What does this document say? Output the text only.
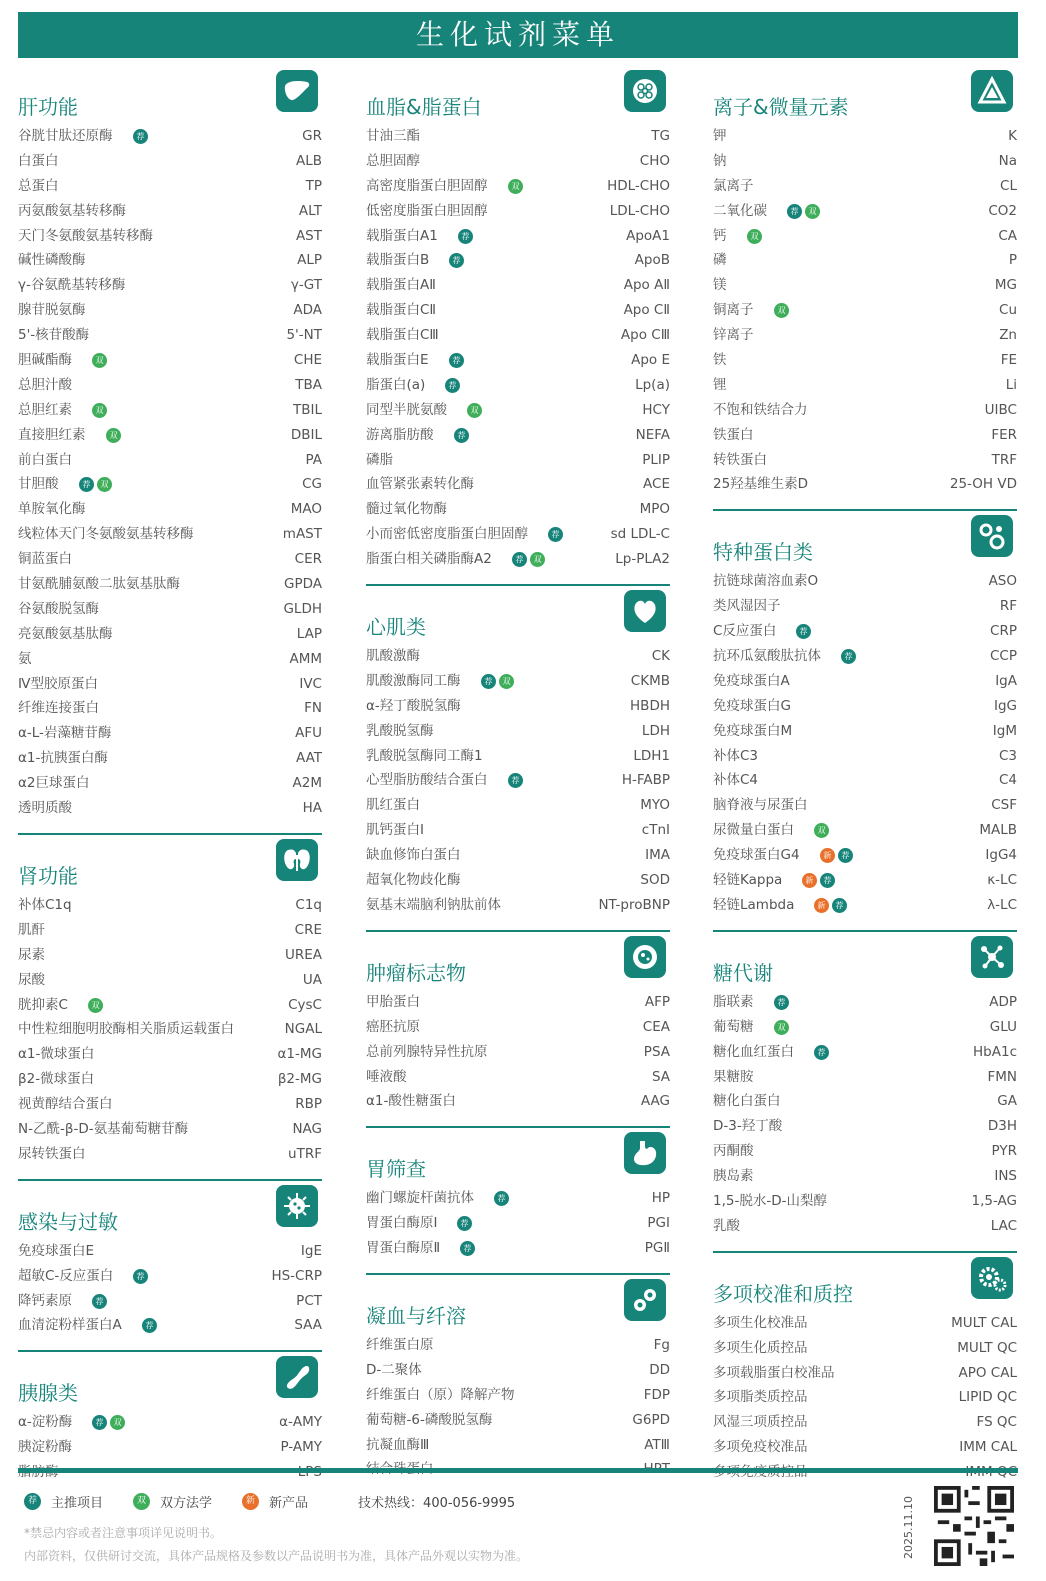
生化试剂菜单
肝功能
谷胱甘肽还原酶	荐	GR
白蛋白	ALB
总蛋白	TP
丙氨酸氨基转移酶	ALT
天门冬氨酸氨基转移酶	AST
碱性磷酸酶	ALP
γ-谷氨酰基转移酶	γ-GT
腺苷脱氨酶	ADA
5'-核苷酸酶	5'-NT
胆碱酯酶	双	CHE
总胆汁酸	TBA
总胆红素	双	TBIL
直接胆红素	双	DBIL
前白蛋白	PA
甘胆酸	荐	双	CG
单胺氧化酶	MAO
线粒体天门冬氨酸氨基转移酶	mAST
铜蓝蛋白	CER
甘氨酰脯氨酸二肽氨基肽酶	GPDA
谷氨酸脱氢酶	GLDH
亮氨酸氨基肽酶	LAP
氨	AMM
Ⅳ型胶原蛋白	IVC
纤维连接蛋白	FN
α-L-岩藻糖苷酶	AFU
α1-抗胰蛋白酶	AAT
α2巨球蛋白	A2M
透明质酸	HA
肾功能
补体C1q	C1q
肌酐	CRE
尿素	UREA
尿酸	UA
胱抑素C	双	CysC
中性粒细胞明胶酶相关脂质运载蛋白	NGAL
α1-微球蛋白	α1-MG
β2-微球蛋白	β2-MG
视黄醇结合蛋白	RBP
N-乙酰-β-D-氨基葡萄糖苷酶	NAG
尿转铁蛋白	uTRF
感染与过敏
免疫球蛋白E	IgE
超敏C-反应蛋白	荐	HS-CRP
降钙素原	荐	PCT
血清淀粉样蛋白A	荐	SAA
胰腺类
α-淀粉酶	荐	双	α-AMY
胰淀粉酶	P-AMY
血脂&脂蛋白
甘油三酯	TG
总胆固醇	CHO
高密度脂蛋白胆固醇	双	HDL-CHO
低密度脂蛋白胆固醇	LDL-CHO
载脂蛋白A1	荐	ApoA1
载脂蛋白B	荐	ApoB
载脂蛋白AⅡ	Apo AⅡ
载脂蛋白CⅡ	Apo CⅡ
载脂蛋白CⅢ	Apo CⅢ
载脂蛋白E	荐	Apo E
脂蛋白(a)	荐	Lp(a)
同型半胱氨酸	双	HCY
游离脂肪酸	荐	NEFA
磷脂	PLIP
血管紧张素转化酶	ACE
髓过氧化物酶	MPO
小而密低密度脂蛋白胆固醇	荐	sd LDL-C
脂蛋白相关磷脂酶A2	荐	双	Lp-PLA2
心肌类
肌酸激酶	CK
肌酸激酶同工酶	荐	双	CKMB
α-羟丁酸脱氢酶	HBDH
乳酸脱氢酶	LDH
乳酸脱氢酶同工酶1	LDH1
心型脂肪酸结合蛋白	荐	H-FABP
肌红蛋白	MYO
肌钙蛋白I	cTnI
缺血修饰白蛋白	IMA
超氧化物歧化酶	SOD
氨基末端脑利钠肽前体	NT-proBNP
肿瘤标志物
甲胎蛋白	AFP
癌胚抗原	CEA
总前列腺特异性抗原	PSA
唾液酸	SA
α1-酸性糖蛋白	AAG
胃筛查
幽门螺旋杆菌抗体	荐	HP
胃蛋白酶原Ⅰ	荐	PGⅠ
胃蛋白酶原Ⅱ	荐	PGⅡ
凝血与纤溶
纤维蛋白原	Fg
D-二聚体	DD
纤维蛋白（原）降解产物	FDP
葡萄糖-6-磷酸脱氢酶	G6PD
抗凝血酶Ⅲ	ATⅢ
离子&微量元素
钾	K
钠	Na
氯离子	CL
二氧化碳	荐	双	CO2
钙	双	CA
磷	P
镁	MG
铜离子	双	Cu
锌离子	Zn
铁	FE
锂	Li
不饱和铁结合力	UIBC
铁蛋白	FER
转铁蛋白	TRF
25羟基维生素D	25-OH VD
特种蛋白类
抗链球菌溶血素O	ASO
类风湿因子	RF
C反应蛋白	荐	CRP
抗环瓜氨酸肽抗体	荐	CCP
免疫球蛋白A	IgA
免疫球蛋白G	IgG
免疫球蛋白M	IgM
补体C3	C3
补体C4	C4
脑脊液与尿蛋白	CSF
尿微量白蛋白	双	MALB
免疫球蛋白G4	新	荐	IgG4
轻链Kappa	新	荐	κ-LC
轻链Lambda	新	荐	λ-LC
糖代谢
脂联素	荐	ADP
葡萄糖	双	GLU
糖化血红蛋白	荐	HbA1c
果糖胺	FMN
糖化白蛋白	GA
D-3-羟丁酸	D3H
丙酮酸	PYR
胰岛素	INS
1,5-脱水-D-山梨醇	1,5-AG
乳酸	LAC
多项校准和质控
多项生化校准品	MULT CAL
多项生化质控品	MULT QC
多项载脂蛋白校准品	APO CAL
多项脂类质控品	LIPID QC
风湿三项质控品	FS QC
多项免疫校准品	IMM CAL
荐	主推项目	双	双方法学	新	新产品	技术热线：400-056-9995
*禁忌内容或者注意事项详见说明书。
内部资料，仅供研讨交流，具体产品规格及参数以产品说明书为准，具体产品外观以实物为准。	2025.11.10
